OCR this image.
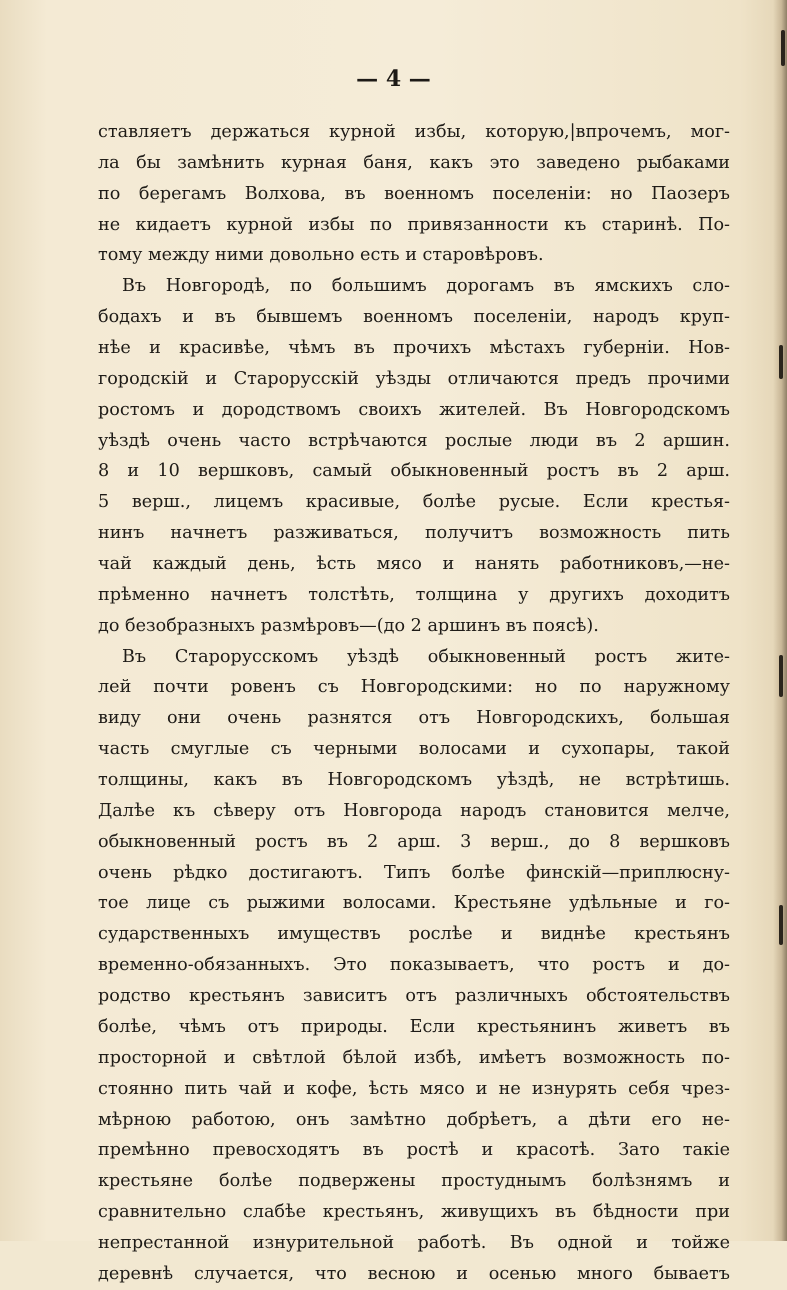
— 4 —
ставляетъ держаться курной избы, которую,|впрочемъ, мог-
ла бы замѣнить курная баня, какъ это заведено рыбаками
по берегамъ Волхова, въ военномъ поселеніи: но Паозеръ
не кидаетъ курной избы по привязанности къ старинѣ. По-
тому между ними довольно есть и старовѣровъ.
Въ Новгородѣ, по большимъ дорогамъ въ ямскихъ сло-
бодахъ и въ бывшемъ военномъ поселеніи, народъ круп-
нѣе и красивѣе, чѣмъ въ прочихъ мѣстахъ губерніи. Нов-
городскій и Старорусскій уѣзды отличаются предъ прочими
ростомъ и дородствомъ своихъ жителей. Въ Новгородскомъ
уѣздѣ очень часто встрѣчаются рослые люди въ 2 аршин.
8 и 10 вершковъ, самый обыкновенный ростъ въ 2 арш.
5 верш., лицемъ красивые, болѣе русые. Если крестья-
нинъ начнетъ разживаться, получитъ возможность пить
чай каждый день, ѣсть мясо и нанять работниковъ,—не-
прѣменно начнетъ толстѣть, толщина у другихъ доходитъ
до безобразныхъ размѣровъ—(до 2 аршинъ въ поясѣ).
Въ Старорусскомъ уѣздѣ обыкновенный ростъ жите-
лей почти ровенъ съ Новгородскими: но по наружному
виду они очень разнятся отъ Новгородскихъ, большая
часть смуглые съ черными волосами и сухопары, такой
толщины, какъ въ Новгородскомъ уѣздѣ, не встрѣтишь.
Далѣе къ сѣверу отъ Новгорода народъ становится мелче,
обыкновенный ростъ въ 2 арш. 3 верш., до 8 вершковъ
очень рѣдко достигаютъ. Типъ болѣе финскій—приплюсну-
тое лице съ рыжими волосами. Крестьяне удѣльные и го-
сударственныхъ имуществъ рослѣе и виднѣе крестьянъ
временно-обязанныхъ. Это показываетъ, что ростъ и до-
родство крестьянъ зависитъ отъ различныхъ обстоятельствъ
болѣе, чѣмъ отъ природы. Если крестьянинъ живетъ въ
просторной и свѣтлой бѣлой избѣ, имѣетъ возможность по-
стоянно пить чай и кофе, ѣсть мясо и не изнурять себя чрез-
мѣрною работою, онъ замѣтно добрѣетъ, а дѣти его не-
премѣнно превосходятъ въ ростѣ и красотѣ. Зато такіе
крестьяне болѣе подвержены простуднымъ болѣзнямъ и
сравнительно слабѣе крестьянъ, живущихъ въ бѣдности при
непрестанной изнурительной работѣ. Въ одной и тойже
деревнѣ случается, что весною и осенью много бываетъ
